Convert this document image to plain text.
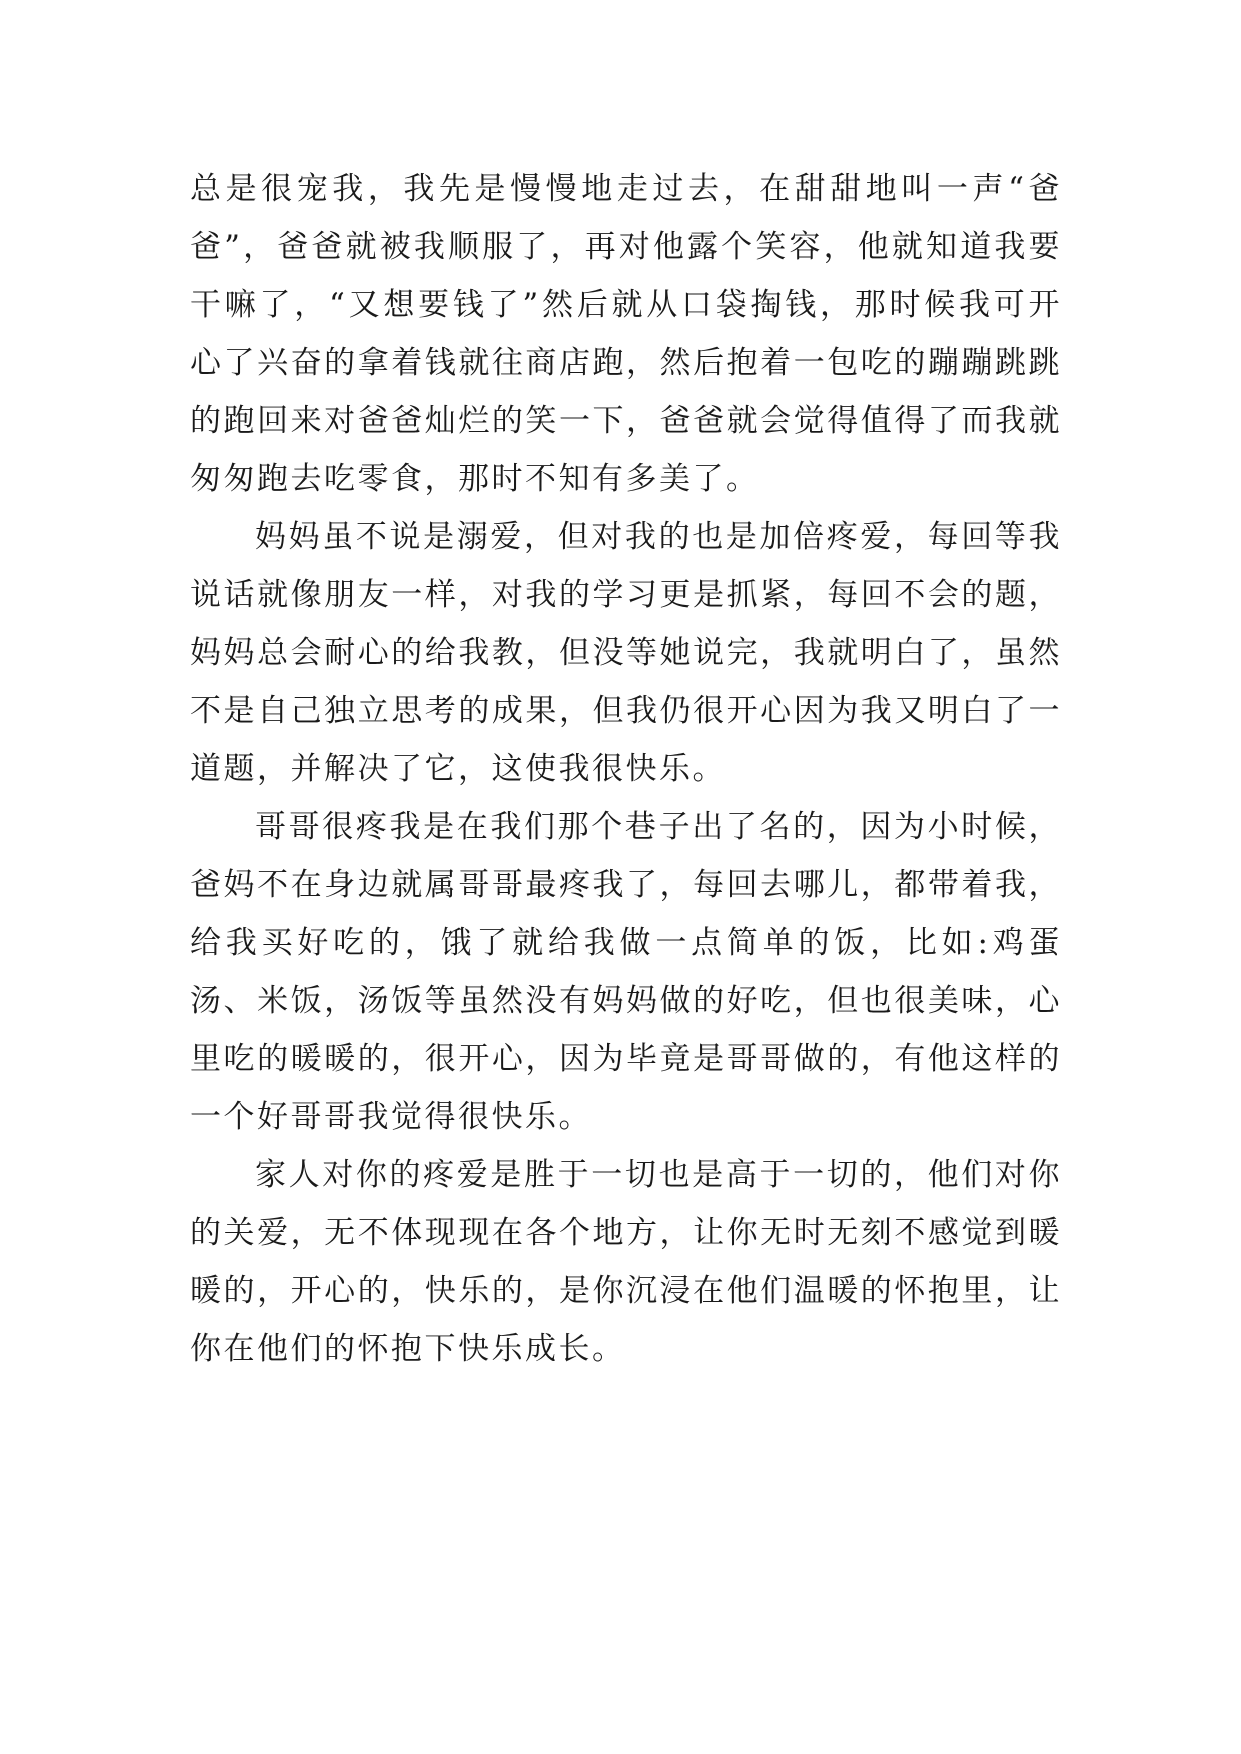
总是很宠我，我先是慢慢地走过去，在甜甜地叫一声“爸爸”，爸爸就被我顺服了，再对他露个笑容，他就知道我要干嘛了，“又想要钱了”然后就从口袋掏钱，那时候我可开心了兴奋的拿着钱就往商店跑，然后抱着一包吃的蹦蹦跳跳的跑回来对爸爸灿烂的笑一下，爸爸就会觉得值得了而我就匆匆跑去吃零食，那时不知有多美了。

妈妈虽不说是溺爱，但对我的也是加倍疼爱，每回等我说话就像朋友一样，对我的学习更是抓紧，每回不会的题，妈妈总会耐心的给我教，但没等她说完，我就明白了，虽然不是自己独立思考的成果，但我仍很开心因为我又明白了一道题，并解决了它，这使我很快乐。

哥哥很疼我是在我们那个巷子出了名的，因为小时候，爸妈不在身边就属哥哥最疼我了，每回去哪儿，都带着我，给我买好吃的，饿了就给我做一点简单的饭，比如:鸡蛋汤、米饭，汤饭等虽然没有妈妈做的好吃，但也很美味，心里吃的暖暖的，很开心，因为毕竟是哥哥做的，有他这样的一个好哥哥我觉得很快乐。

家人对你的疼爱是胜于一切也是高于一切的，他们对你的关爱，无不体现现在各个地方，让你无时无刻不感觉到暖暖的，开心的，快乐的，是你沉浸在他们温暖的怀抱里，让你在他们的怀抱下快乐成长。
